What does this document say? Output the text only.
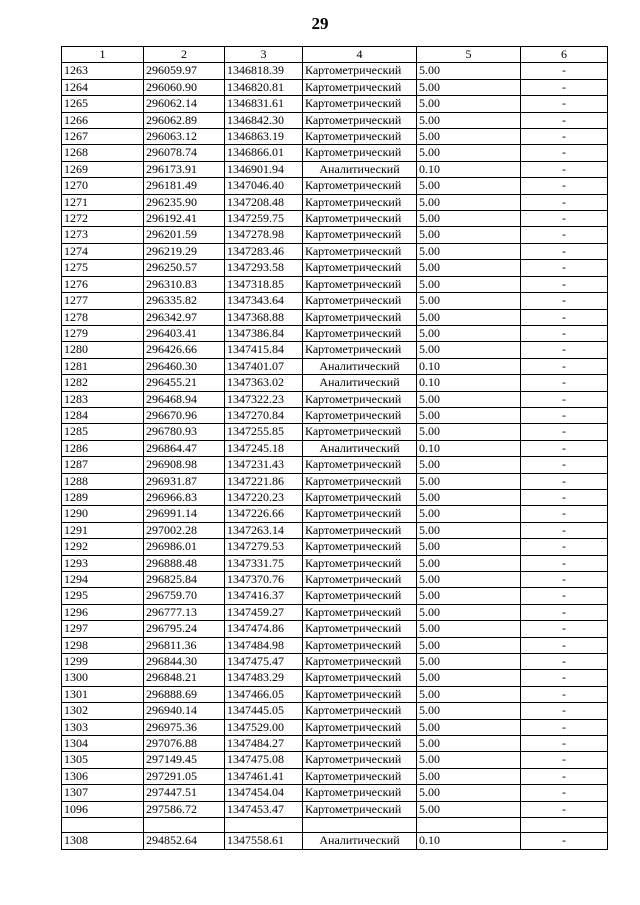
29
1	2	3	4	5	6
1263	296059.97	1346818.39	Картометрический	5.00	-
1264	296060.90	1346820.81	Картометрический	5.00	-
1265	296062.14	1346831.61	Картометрический	5.00	-
1266	296062.89	1346842.30	Картометрический	5.00	-
1267	296063.12	1346863.19	Картометрический	5.00	-
1268	296078.74	1346866.01	Картометрический	5.00	-
1269	296173.91	1346901.94	Аналитический	0.10	-
1270	296181.49	1347046.40	Картометрический	5.00	-
1271	296235.90	1347208.48	Картометрический	5.00	-
1272	296192.41	1347259.75	Картометрический	5.00	-
1273	296201.59	1347278.98	Картометрический	5.00	-
1274	296219.29	1347283.46	Картометрический	5.00	-
1275	296250.57	1347293.58	Картометрический	5.00	-
1276	296310.83	1347318.85	Картометрический	5.00	-
1277	296335.82	1347343.64	Картометрический	5.00	-
1278	296342.97	1347368.88	Картометрический	5.00	-
1279	296403.41	1347386.84	Картометрический	5.00	-
1280	296426.66	1347415.84	Картометрический	5.00	-
1281	296460.30	1347401.07	Аналитический	0.10	-
1282	296455.21	1347363.02	Аналитический	0.10	-
1283	296468.94	1347322.23	Картометрический	5.00	-
1284	296670.96	1347270.84	Картометрический	5.00	-
1285	296780.93	1347255.85	Картометрический	5.00	-
1286	296864.47	1347245.18	Аналитический	0.10	-
1287	296908.98	1347231.43	Картометрический	5.00	-
1288	296931.87	1347221.86	Картометрический	5.00	-
1289	296966.83	1347220.23	Картометрический	5.00	-
1290	296991.14	1347226.66	Картометрический	5.00	-
1291	297002.28	1347263.14	Картометрический	5.00	-
1292	296986.01	1347279.53	Картометрический	5.00	-
1293	296888.48	1347331.75	Картометрический	5.00	-
1294	296825.84	1347370.76	Картометрический	5.00	-
1295	296759.70	1347416.37	Картометрический	5.00	-
1296	296777.13	1347459.27	Картометрический	5.00	-
1297	296795.24	1347474.86	Картометрический	5.00	-
1298	296811.36	1347484.98	Картометрический	5.00	-
1299	296844.30	1347475.47	Картометрический	5.00	-
1300	296848.21	1347483.29	Картометрический	5.00	-
1301	296888.69	1347466.05	Картометрический	5.00	-
1302	296940.14	1347445.05	Картометрический	5.00	-
1303	296975.36	1347529.00	Картометрический	5.00	-
1304	297076.88	1347484.27	Картометрический	5.00	-
1305	297149.45	1347475.08	Картометрический	5.00	-
1306	297291.05	1347461.41	Картометрический	5.00	-
1307	297447.51	1347454.04	Картометрический	5.00	-
1096	297586.72	1347453.47	Картометрический	5.00	-

1308	294852.64	1347558.61	Аналитический	0.10	-
